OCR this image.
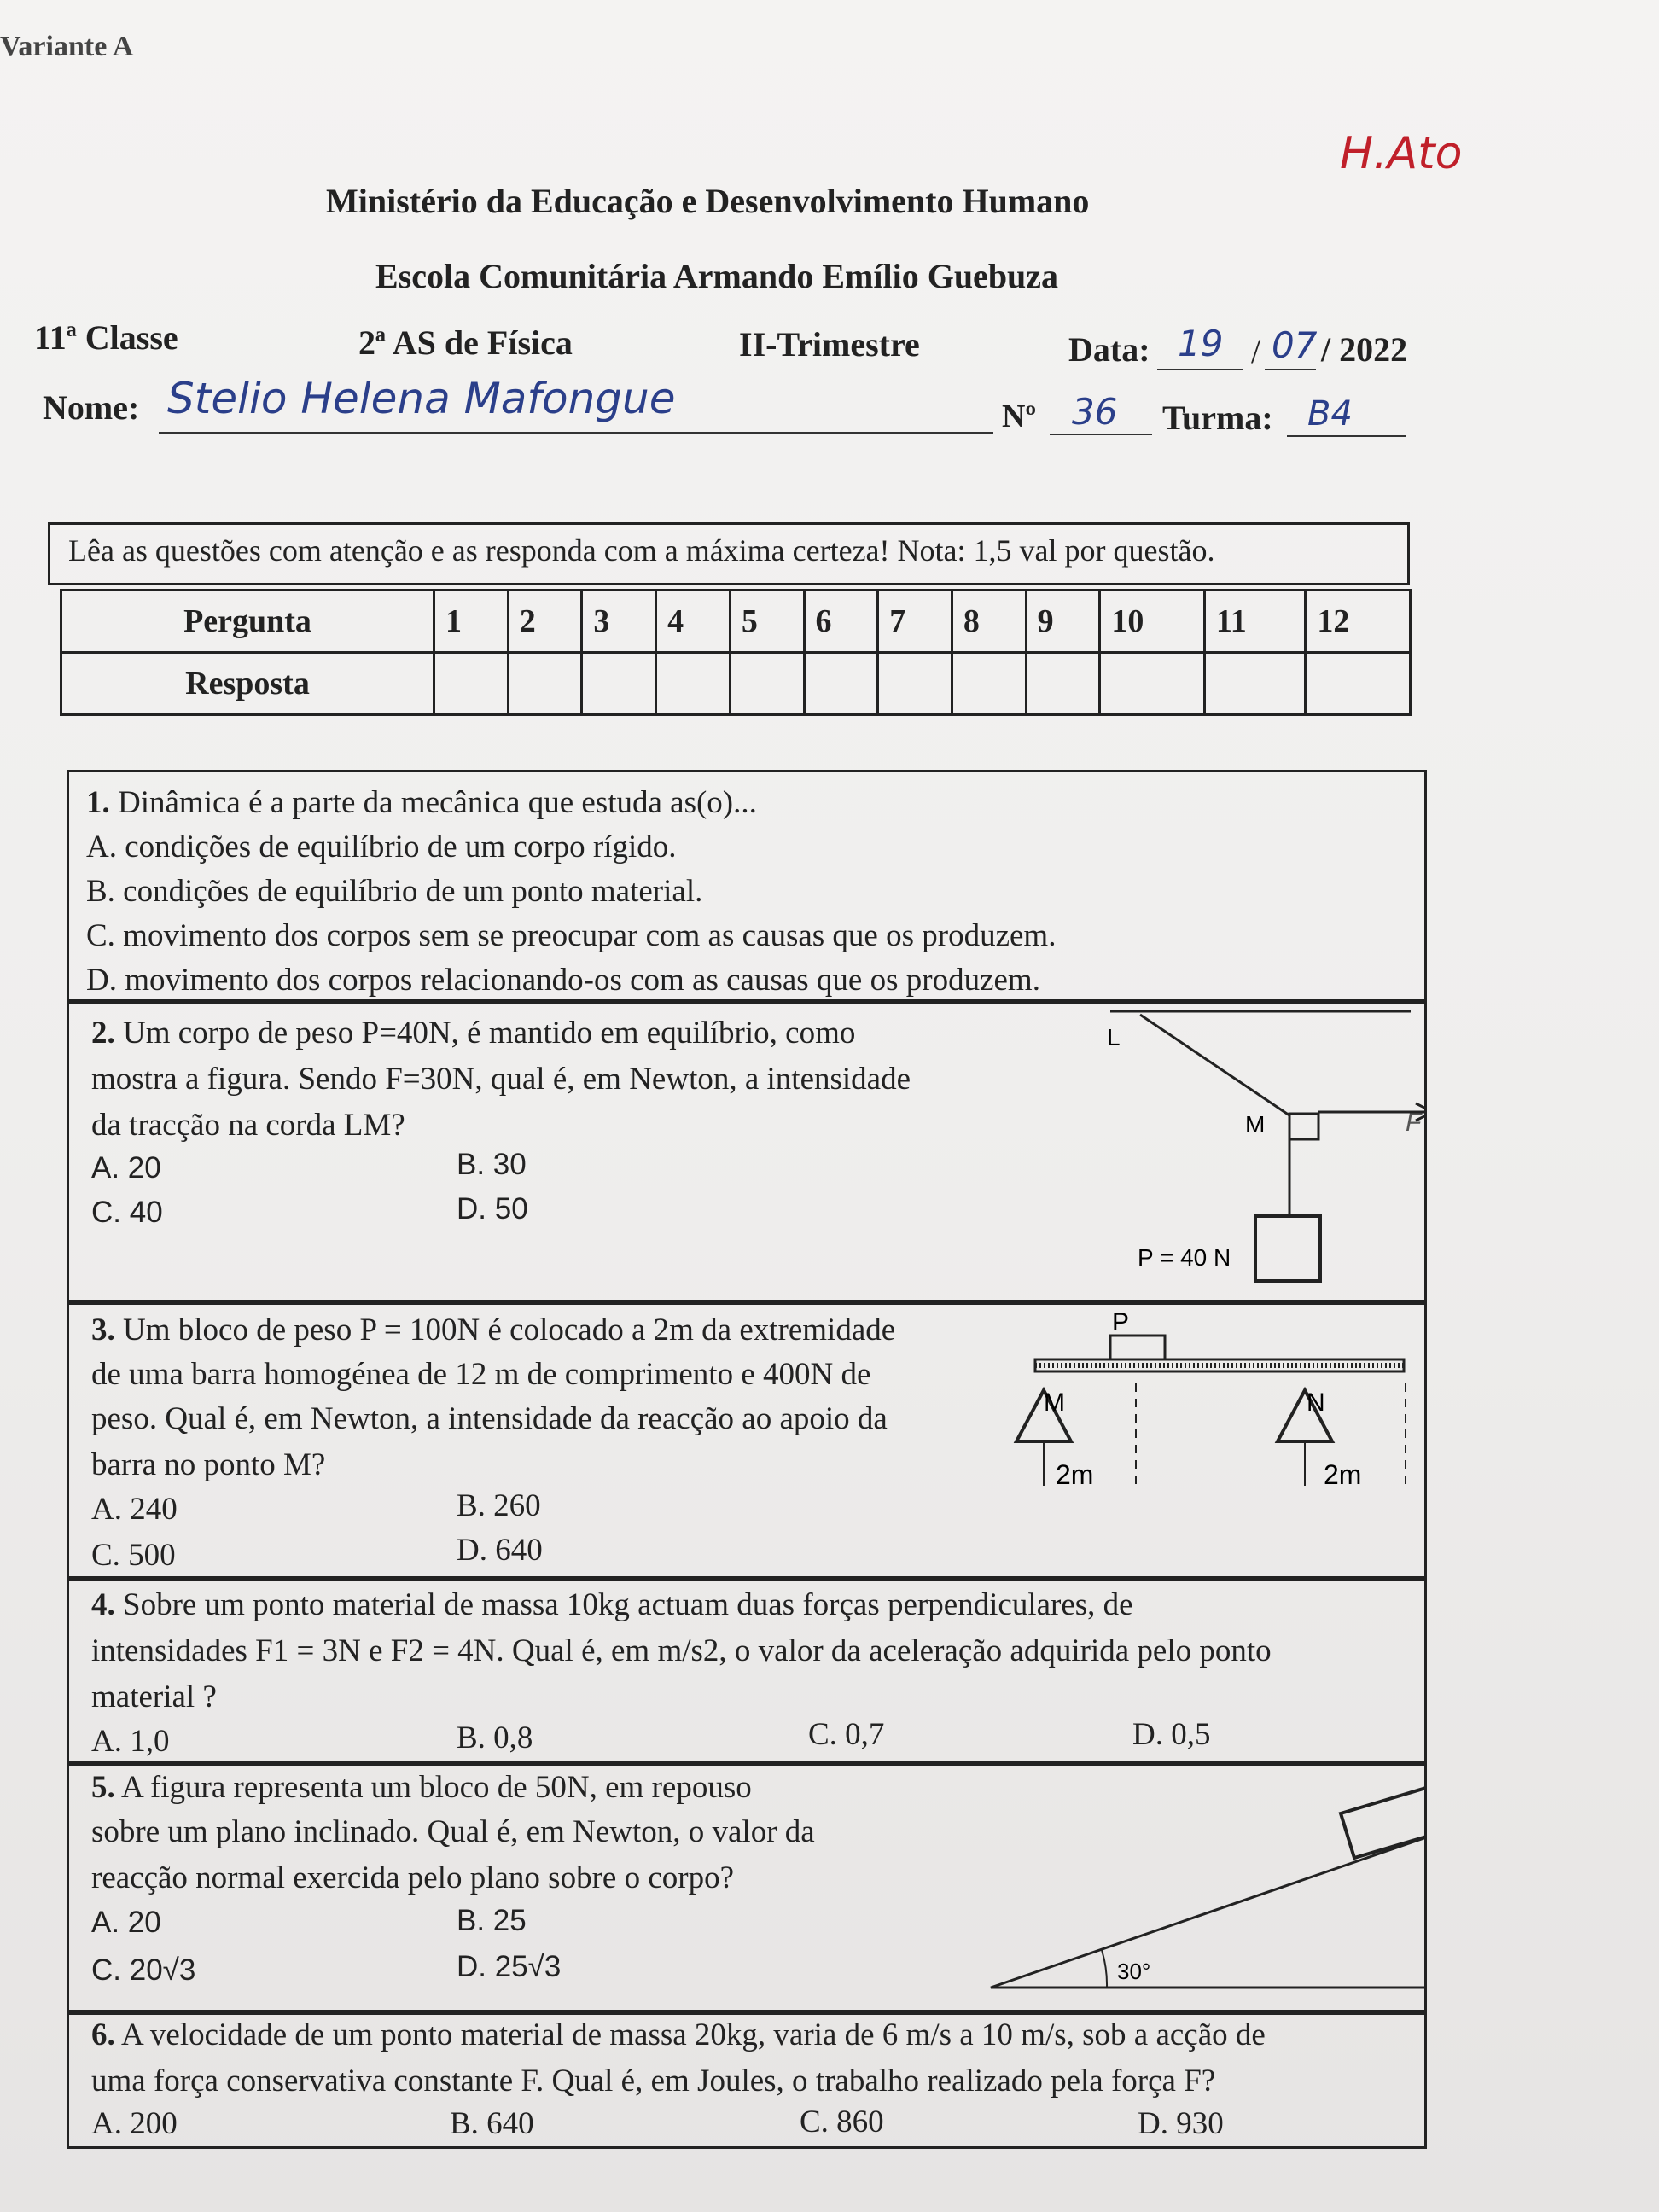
Variante A
Ministério da Educação e Desenvolvimento Humano
Escola Comunitária Armando Emílio Guebuza
H.Ato
11ª Classe	2ª AS de Física	II-Trimestre	Data: 19 / 07 / 2022
Nome: Stelio Helena Mafongue	Nº 36 Turma: B4
Lêa as questões com atenção e as responda com a máxima certeza! Nota: 1,5 val por questão.
Pergunta	1	2	3	4	5	6	7	8	9	10	11	12
Resposta												
1. Dinâmica é a parte da mecânica que estuda as(o)...
A. condições de equilíbrio de um corpo rígido.
B. condições de equilíbrio de um ponto material.
C. movimento dos corpos sem se preocupar com as causas que os produzem.
D. movimento dos corpos relacionando-os com as causas que os produzem.
2. Um corpo de peso P=40N, é mantido em equilíbrio, como
mostra a figura. Sendo F=30N, qual é, em Newton, a intensidade
da tracção na corda LM?
A. 20	B. 30
C. 40	D. 50
L
M	F
P = 40 N
3. Um bloco de peso P = 100N é colocado a 2m da extremidade
de uma barra homogénea de 12 m de comprimento e 400N de
peso. Qual é, em Newton, a intensidade da reacção ao apoio da
barra no ponto M?
A. 240	B. 260
C. 500	D. 640
P
M	N
2m	2m
4. Sobre um ponto material de massa 10kg actuam duas forças perpendiculares, de
intensidades F1 = 3N e F2 = 4N. Qual é, em m/s2, o valor da aceleração adquirida pelo ponto
material ?
A. 1,0	B. 0,8	C. 0,7	D. 0,5
5. A figura representa um bloco de 50N, em repouso
sobre um plano inclinado. Qual é, em Newton, o valor da
reacção normal exercida pelo plano sobre o corpo?
A. 20	B. 25
C. 20√3	D. 25√3	30°
6. A velocidade de um ponto material de massa 20kg, varia de 6 m/s a 10 m/s, sob a acção de
uma força conservativa constante F. Qual é, em Joules, o trabalho realizado pela força F?
A. 200	B. 640	C. 860	D. 930
